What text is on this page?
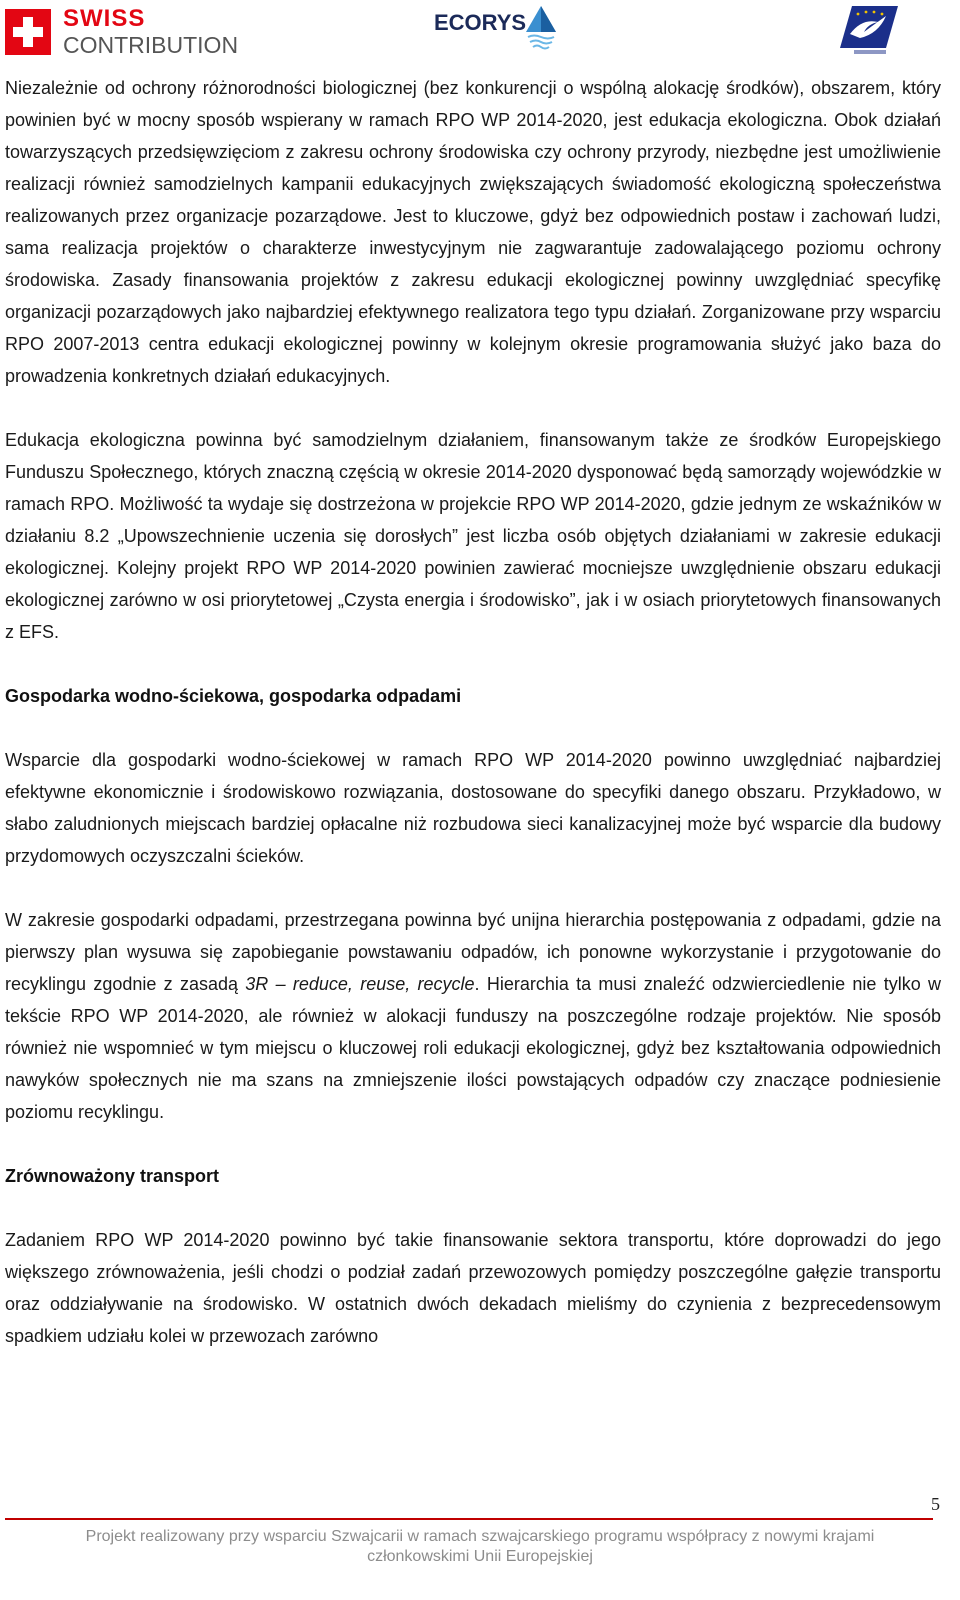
SWISS
CONTRIBUTION
ECORYS

Niezależnie od ochrony różnorodności biologicznej (bez konkurencji o wspólną alokację środków), obszarem, który powinien być w mocny sposób wspierany w ramach RPO WP 2014-2020, jest edukacja ekologiczna. Obok działań towarzyszących przedsięwzięciom z zakresu ochrony środowiska czy ochrony przyrody, niezbędne jest umożliwienie realizacji również samodzielnych kampanii edukacyjnych zwiększających świadomość ekologiczną społeczeństwa realizowanych przez organizacje pozarządowe. Jest to kluczowe, gdyż bez odpowiednich postaw i zachowań ludzi, sama realizacja projektów o charakterze inwestycyjnym nie zagwarantuje zadowalającego poziomu ochrony środowiska. Zasady finansowania projektów z zakresu edukacji ekologicznej powinny uwzględniać specyfikę organizacji pozarządowych jako najbardziej efektywnego realizatora tego typu działań. Zorganizowane przy wsparciu RPO 2007-2013 centra edukacji ekologicznej powinny w kolejnym okresie programowania służyć jako baza do prowadzenia konkretnych działań edukacyjnych.

Edukacja ekologiczna powinna być samodzielnym działaniem, finansowanym także ze środków Europejskiego Funduszu Społecznego, których znaczną częścią w okresie 2014-2020 dysponować będą samorządy wojewódzkie w ramach RPO. Możliwość ta wydaje się dostrzeżona w projekcie RPO WP 2014-2020, gdzie jednym ze wskaźników w działaniu 8.2 „Upowszechnienie uczenia się dorosłych” jest liczba osób objętych działaniami w zakresie edukacji ekologicznej. Kolejny projekt RPO WP 2014-2020 powinien zawierać mocniejsze uwzględnienie obszaru edukacji ekologicznej zarówno w osi priorytetowej „Czysta energia i środowisko”, jak i w osiach priorytetowych finansowanych z EFS.

Gospodarka wodno-ściekowa, gospodarka odpadami

Wsparcie dla gospodarki wodno-ściekowej w ramach RPO WP 2014-2020 powinno uwzględniać najbardziej efektywne ekonomicznie i środowiskowo rozwiązania, dostosowane do specyfiki danego obszaru. Przykładowo, w słabo zaludnionych miejscach bardziej opłacalne niż rozbudowa sieci kanalizacyjnej może być wsparcie dla budowy przydomowych oczyszczalni ścieków.

W zakresie gospodarki odpadami, przestrzegana powinna być unijna hierarchia postępowania z odpadami, gdzie na pierwszy plan wysuwa się zapobieganie powstawaniu odpadów, ich ponowne wykorzystanie i przygotowanie do recyklingu zgodnie z zasadą 3R – reduce, reuse, recycle. Hierarchia ta musi znaleźć odzwierciedlenie nie tylko w tekście RPO WP 2014-2020, ale również w alokacji funduszy na poszczególne rodzaje projektów. Nie sposób również nie wspomnieć w tym miejscu o kluczowej roli edukacji ekologicznej, gdyż bez kształtowania odpowiednich nawyków społecznych nie ma szans na zmniejszenie ilości powstających odpadów czy znaczące podniesienie poziomu recyklingu.

Zrównoważony transport

Zadaniem RPO WP 2014-2020 powinno być takie finansowanie sektora transportu, które doprowadzi do jego większego zrównoważenia, jeśli chodzi o podział zadań przewozowych pomiędzy poszczególne gałęzie transportu oraz oddziaływanie na środowisko. W ostatnich dwóch dekadach mieliśmy do czynienia z bezprecedensowym spadkiem udziału kolei w przewozach zarówno

5
Projekt realizowany przy wsparciu Szwajcarii w ramach szwajcarskiego programu współpracy z nowymi krajami
członkowskimi Unii Europejskiej
